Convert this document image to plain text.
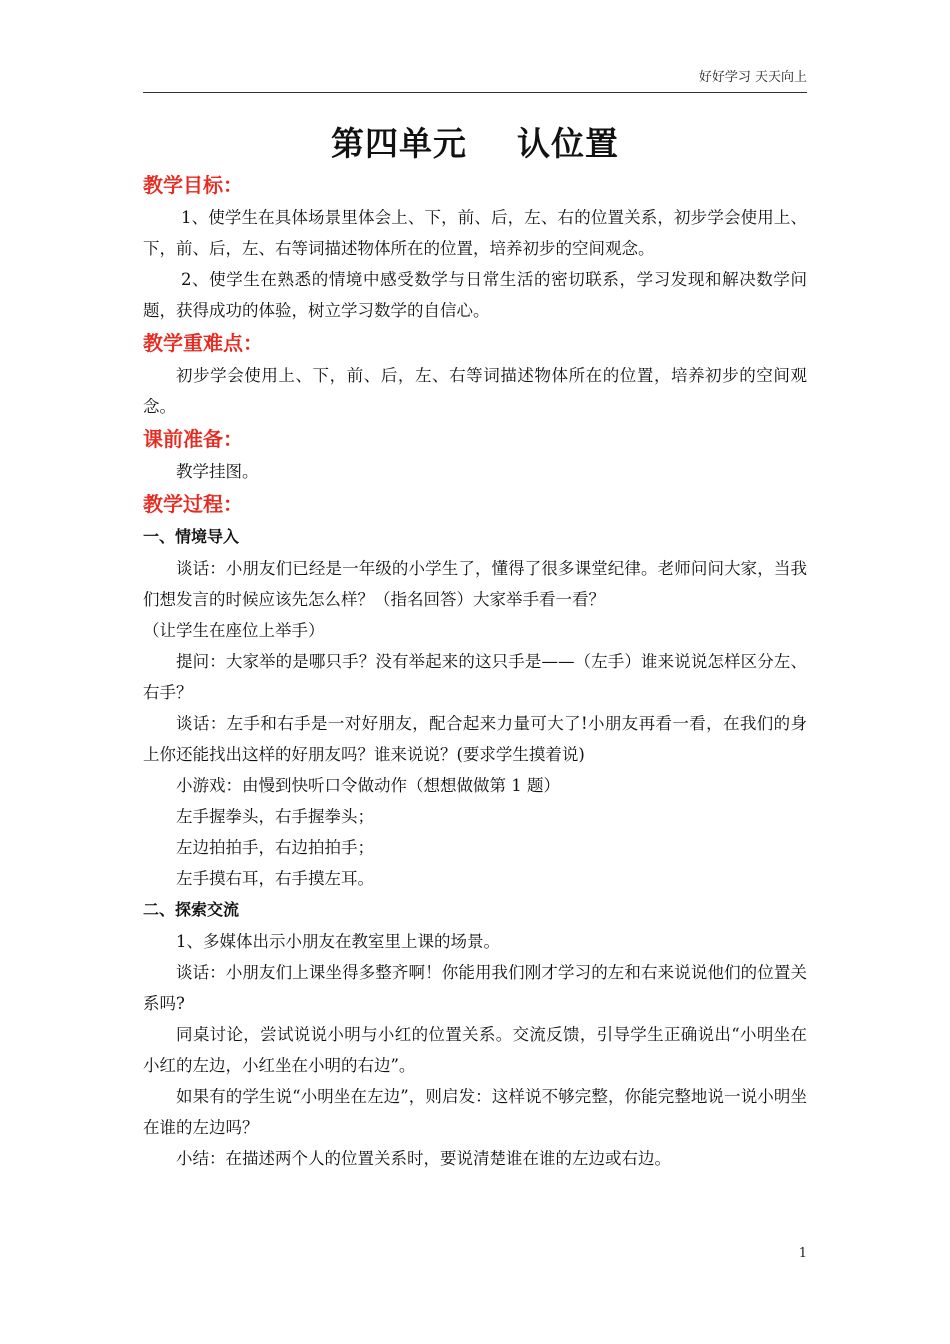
好好学习 天天向上
第四单元    认位置
教学目标：

1、使学生在具体场景里体会上、下，前、后，左、右的位置关系，初步学会使用上、下，前、后，左、右等词描述物体所在的位置，培养初步的空间观念。

2、使学生在熟悉的情境中感受数学与日常生活的密切联系，学习发现和解决数学问题，获得成功的体验，树立学习数学的自信心。

教学重难点：

初步学会使用上、下，前、后，左、右等词描述物体所在的位置，培养初步的空间观念。

课前准备：

教学挂图。

教学过程：
一、情境导入

谈话：小朋友们已经是一年级的小学生了，懂得了很多课堂纪律。老师问问大家，当我们想发言的时候应该先怎么样？（指名回答）大家举手看一看？

（让学生在座位上举手）

提问：大家举的是哪只手？没有举起来的这只手是——（左手）谁来说说怎样区分左、右手？

谈话：左手和右手是一对好朋友，配合起来力量可大了!小朋友再看一看，在我们的身上你还能找出这样的好朋友吗？谁来说说？(要求学生摸着说)

小游戏：由慢到快听口令做动作（想想做做第 1 题）

左手握拳头，右手握拳头；

左边拍拍手，右边拍拍手；

左手摸右耳，右手摸左耳。

二、探索交流

1、多媒体出示小朋友在教室里上课的场景。

谈话：小朋友们上课坐得多整齐啊！你能用我们刚才学习的左和右来说说他们的位置关系吗?

同桌讨论，尝试说说小明与小红的位置关系。交流反馈，引导学生正确说出“小明坐在小红的左边，小红坐在小明的右边”。

如果有的学生说“小明坐在左边”，则启发：这样说不够完整，你能完整地说一说小明坐在谁的左边吗？

小结：在描述两个人的位置关系时，要说清楚谁在谁的左边或右边。

1
